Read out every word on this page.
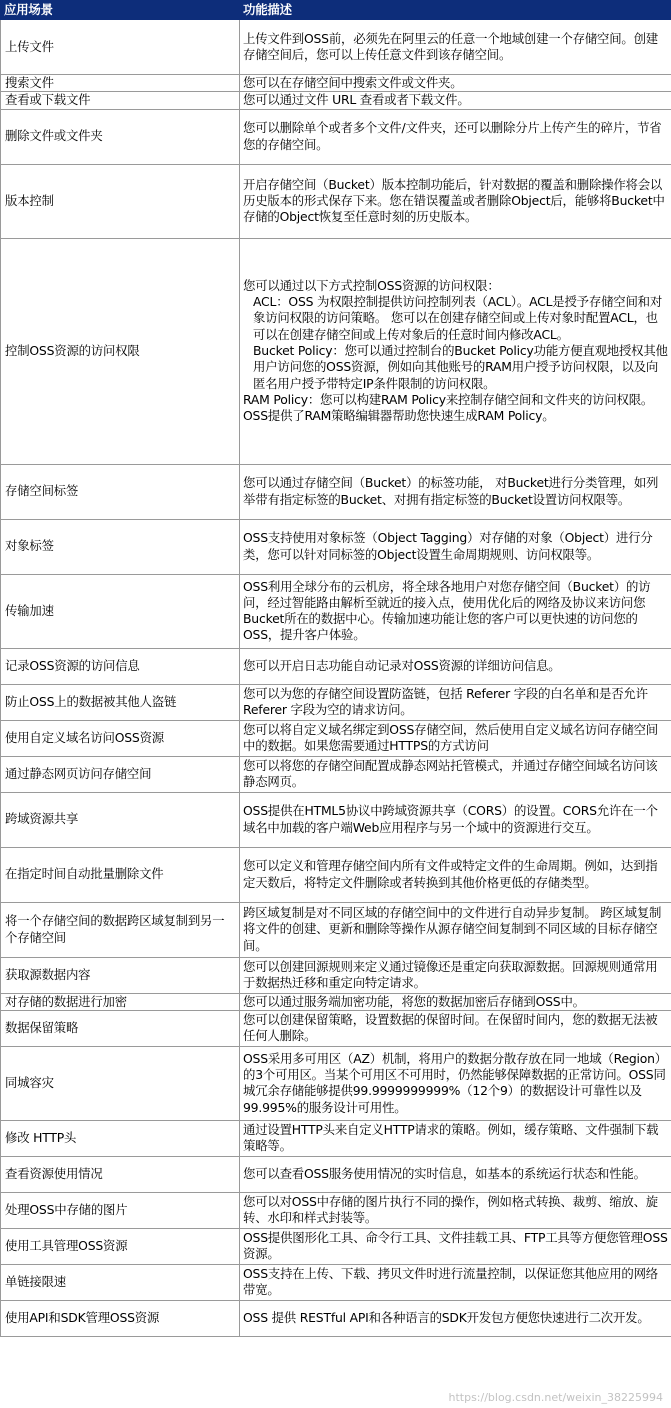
应用场景	功能描述
上传文件	上传文件到OSS前，必须先在阿里云的任意一个地域创建一个存储空间。创建存储空间后，您可以上传任意文件到该存储空间。

搜索文件	您可以在存储空间中搜索文件或文件夹。

查看或下载文件	您可以通过文件 URL 查看或者下载文件。

删除文件或文件夹	您可以删除单个或者多个文件/文件夹，还可以删除分片上传产生的碎片，节省您的存储空间。

版本控制	开启存储空间（Bucket）版本控制功能后，针对数据的覆盖和删除操作将会以历史版本的形式保存下来。您在错误覆盖或者删除Object后，能够将Bucket中存储的Object恢复至任意时刻的历史版本。

控制OSS资源的访问权限	您可以通过以下方式控制OSS资源的访问权限：
ACL：OSS 为权限控制提供访问控制列表（ACL）。ACL是授予存储空间和对象访问权限的访问策略。 您可以在创建存储空间或上传对象时配置ACL，也可以在创建存储空间或上传对象后的任意时间内修改ACL。
Bucket Policy：您可以通过控制台的Bucket Policy功能方便直观地授权其他用户访问您的OSS资源，例如向其他账号的RAM用户授予访问权限，以及向匿名用户授予带特定IP条件限制的访问权限。
RAM Policy：您可以构建RAM Policy来控制存储空间和文件夹的访问权限。OSS提供了RAM策略编辑器帮助您快速生成RAM Policy。

存储空间标签	您可以通过存储空间（Bucket）的标签功能， 对Bucket进行分类管理，如列举带有指定标签的Bucket、对拥有指定标签的Bucket设置访问权限等。

对象标签	OSS支持使用对象标签（Object Tagging）对存储的对象（Object）进行分类，您可以针对同标签的Object设置生命周期规则、访问权限等。

传输加速	OSS利用全球分布的云机房，将全球各地用户对您存储空间（Bucket）的访问，经过智能路由解析至就近的接入点，使用优化后的网络及协议来访问您Bucket所在的数据中心。传输加速功能让您的客户可以更快速的访问您的OSS，提升客户体验。

记录OSS资源的访问信息	您可以开启日志功能自动记录对OSS资源的详细访问信息。

防止OSS上的数据被其他人盗链	您可以为您的存储空间设置防盗链，包括 Referer 字段的白名单和是否允许 Referer 字段为空的请求访问。

使用自定义域名访问OSS资源	您可以将自定义域名绑定到OSS存储空间，然后使用自定义域名访问存储空间中的数据。如果您需要通过HTTPS的方式访问

通过静态网页访问存储空间	您可以将您的存储空间配置成静态网站托管模式，并通过存储空间域名访问该静态网页。

跨域资源共享	OSS提供在HTML5协议中跨域资源共享（CORS）的设置。CORS允许在一个域名中加载的客户端Web应用程序与另一个域中的资源进行交互。

在指定时间自动批量删除文件	您可以定义和管理存储空间内所有文件或特定文件的生命周期。例如，达到指定天数后，将特定文件删除或者转换到其他价格更低的存储类型。

将一个存储空间的数据跨区域复制到另一个存储空间	跨区域复制是对不同区域的存储空间中的文件进行自动异步复制。 跨区域复制将文件的创建、更新和删除等操作从源存储空间复制到不同区域的目标存储空间。

获取源数据内容	您可以创建回源规则来定义通过镜像还是重定向获取源数据。回源规则通常用于数据热迁移和重定向特定请求。

对存储的数据进行加密	您可以通过服务端加密功能，将您的数据加密后存储到OSS中。

数据保留策略	您可以创建保留策略，设置数据的保留时间。在保留时间内，您的数据无法被任何人删除。

同城容灾	OSS采用多可用区（AZ）机制，将用户的数据分散存放在同一地域（Region）的3个可用区。当某个可用区不可用时，仍然能够保障数据的正常访问。OSS同城冗余存储能够提供99.9999999999%（12个9）的数据设计可靠性以及99.995%的服务设计可用性。

修改 HTTP头	通过设置HTTP头来自定义HTTP请求的策略。例如，缓存策略、文件强制下载策略等。

查看资源使用情况	您可以查看OSS服务使用情况的实时信息，如基本的系统运行状态和性能。

处理OSS中存储的图片	您可以对OSS中存储的图片执行不同的操作，例如格式转换、裁剪、缩放、旋转、水印和样式封装等。

使用工具管理OSS资源	OSS提供图形化工具、命令行工具、文件挂载工具、FTP工具等方便您管理OSS资源。

单链接限速	OSS支持在上传、下载、拷贝文件时进行流量控制，以保证您其他应用的网络带宽。

使用API和SDK管理OSS资源	OSS 提供 RESTful API和各种语言的SDK开发包方便您快速进行二次开发。
https://blog.csdn.net/weixin_38225994
